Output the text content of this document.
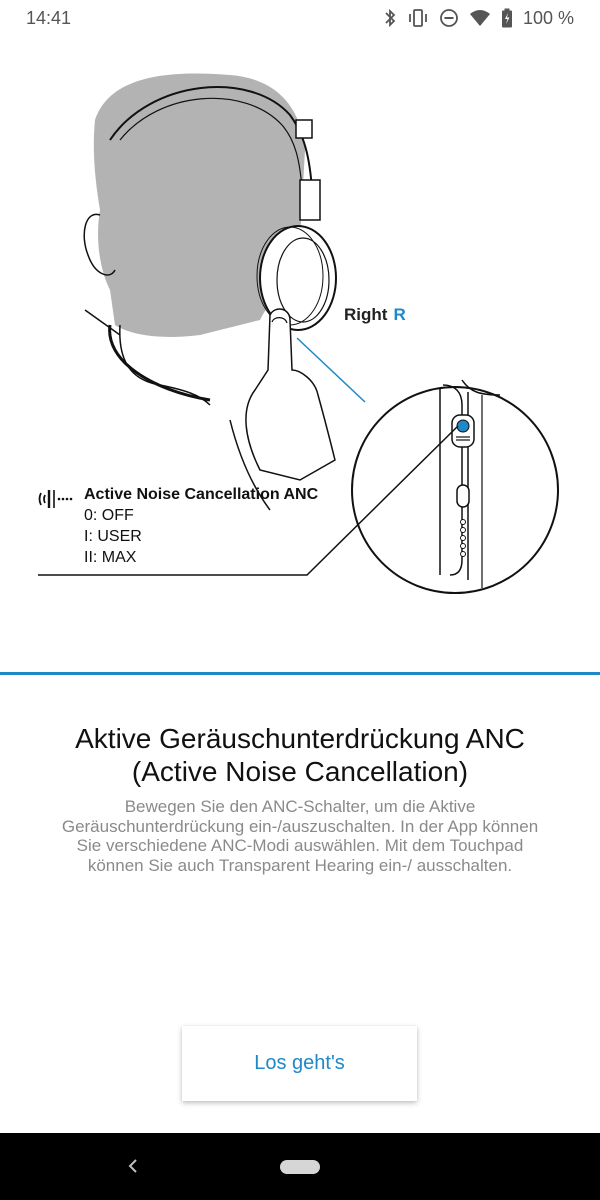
14:41	100 %
Right R
Active Noise Cancellation ANC
0: OFF
I: USER
II: MAX
Aktive Geräuschunterdrückung ANC
(Active Noise Cancellation)
Bewegen Sie den ANC-Schalter, um die Aktive Geräuschunterdrückung ein-/auszuschalten. In der App können Sie verschiedene ANC-Modi auswählen. Mit dem Touchpad können Sie auch Transparent Hearing ein-/ ausschalten.
Los geht's
